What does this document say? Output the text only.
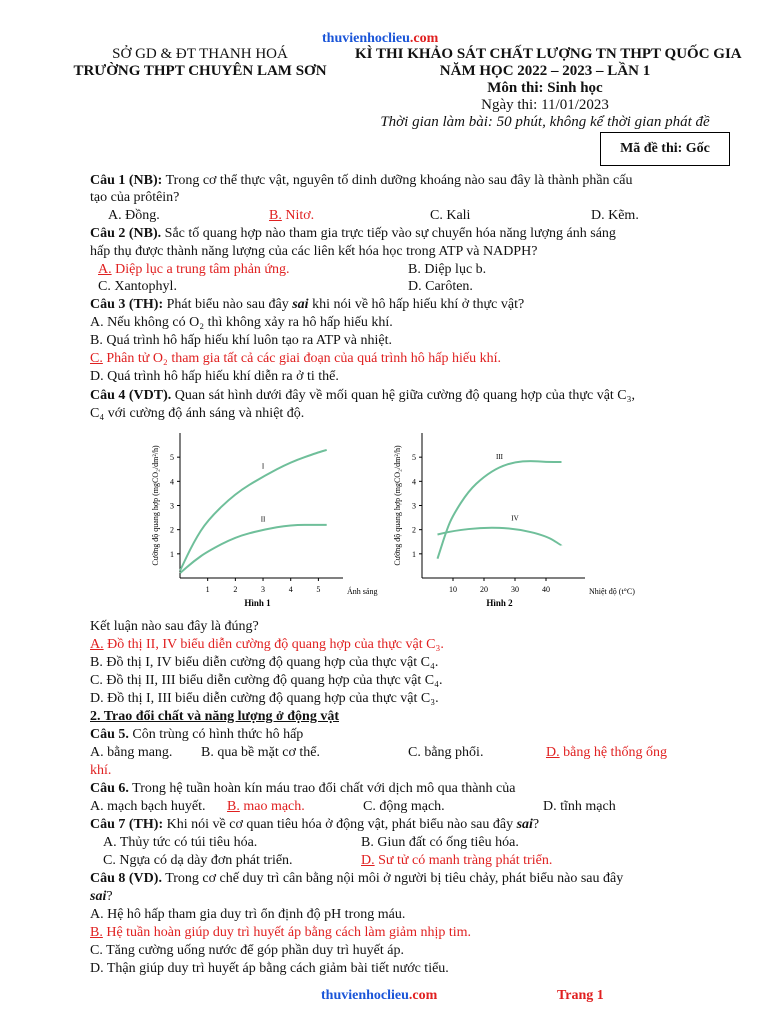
thuvienhoclieu.com
SỞ GD & ĐT THANH HOÁ
TRƯỜNG THPT CHUYÊN LAM SƠN
KÌ THI KHẢO SÁT CHẤT LƯỢNG TN THPT QUỐC GIA
NĂM HỌC 2022 – 2023 – LẦN 1
Môn thi: Sinh học
Ngày thi: 11/01/2023
Thời gian làm bài: 50 phút, không kể thời gian phát đề
Mã đề thi: Gốc
Câu 1 (NB): Trong cơ thể thực vật, nguyên tố dinh dưỡng khoáng nào sau đây là thành phần cấu
tạo của prôtêin?
A. Đồng.	B. Nitơ.	C. Kali	D. Kẽm.
Câu 2 (NB). Sắc tố quang hợp nào tham gia trực tiếp vào sự chuyển hóa năng lượng ánh sáng
hấp thụ được thành năng lượng của các liên kết hóa học trong ATP và NADPH?
A. Diệp lục a trung tâm phản ứng.	B. Diệp lục b.
C. Xantophyl.	D. Carôten.
Câu 3 (TH): Phát biểu nào sau đây sai khi nói về hô hấp hiếu khí ở thực vật?
A. Nếu không có O₂ thì không xảy ra hô hấp hiếu khí.
B. Quá trình hô hấp hiếu khí luôn tạo ra ATP và nhiệt.
C. Phân tử O₂ tham gia tất cả các giai đoạn của quá trình hô hấp hiếu khí.
D. Quá trình hô hấp hiếu khí diễn ra ở ti thể.
Câu 4 (VDT). Quan sát hình dưới đây về mối quan hệ giữa cường độ quang hợp của thực vật C₃,
C₄ với cường độ ánh sáng và nhiệt độ.
1	2	3	4	5
1
2
3
4
5
Cường độ quang hợp (mgCO₂/dm²/h)
Ánh sáng
Hình 1
I
II
10	20	30	40
1
2
3
4
5
Cường độ quang hợp (mgCO₂/dm²/h)
Nhiệt độ (t°C)
Hình 2
III
IV
Kết luận nào sau đây là đúng?
A. Đồ thị II, IV biểu diễn cường độ quang hợp của thực vật C₃.
B. Đồ thị I, IV biểu diễn cường độ quang hợp của thực vật C₄.
C. Đồ thị II, III biểu diễn cường độ quang hợp của thực vật C₄.
D. Đồ thị I, III biểu diễn cường độ quang hợp của thực vật C₃.
2. Trao đổi chất và năng lượng ở động vật
Câu 5. Côn trùng có hình thức hô hấp
A. bằng mang. B. qua bề mặt cơ thể.	C. bằng phổi.	D. bằng hệ thống ống
khí.
Câu 6. Trong hệ tuần hoàn kín máu trao đổi chất với dịch mô qua thành của
A. mạch bạch huyết. B. mao mạch.	C. động mạch.	D. tĩnh mạch
Câu 7 (TH): Khi nói về cơ quan tiêu hóa ở động vật, phát biểu nào sau đây sai?
A. Thủy tức có túi tiêu hóa.	B. Giun đất có ống tiêu hóa.
C. Ngựa có dạ dày đơn phát triển.	D. Sư tử có manh tràng phát triển.
Câu 8 (VD). Trong cơ chế duy trì cân bằng nội môi ở người bị tiêu chảy, phát biểu nào sau đây
sai?
A. Hệ hô hấp tham gia duy trì ổn định độ pH trong máu.
B. Hệ tuần hoàn giúp duy trì huyết áp bằng cách làm giảm nhịp tim.
C. Tăng cường uống nước để góp phần duy trì huyết áp.
D. Thận giúp duy trì huyết áp bằng cách giảm bài tiết nước tiểu.
thuvienhoclieu.com	Trang 1
